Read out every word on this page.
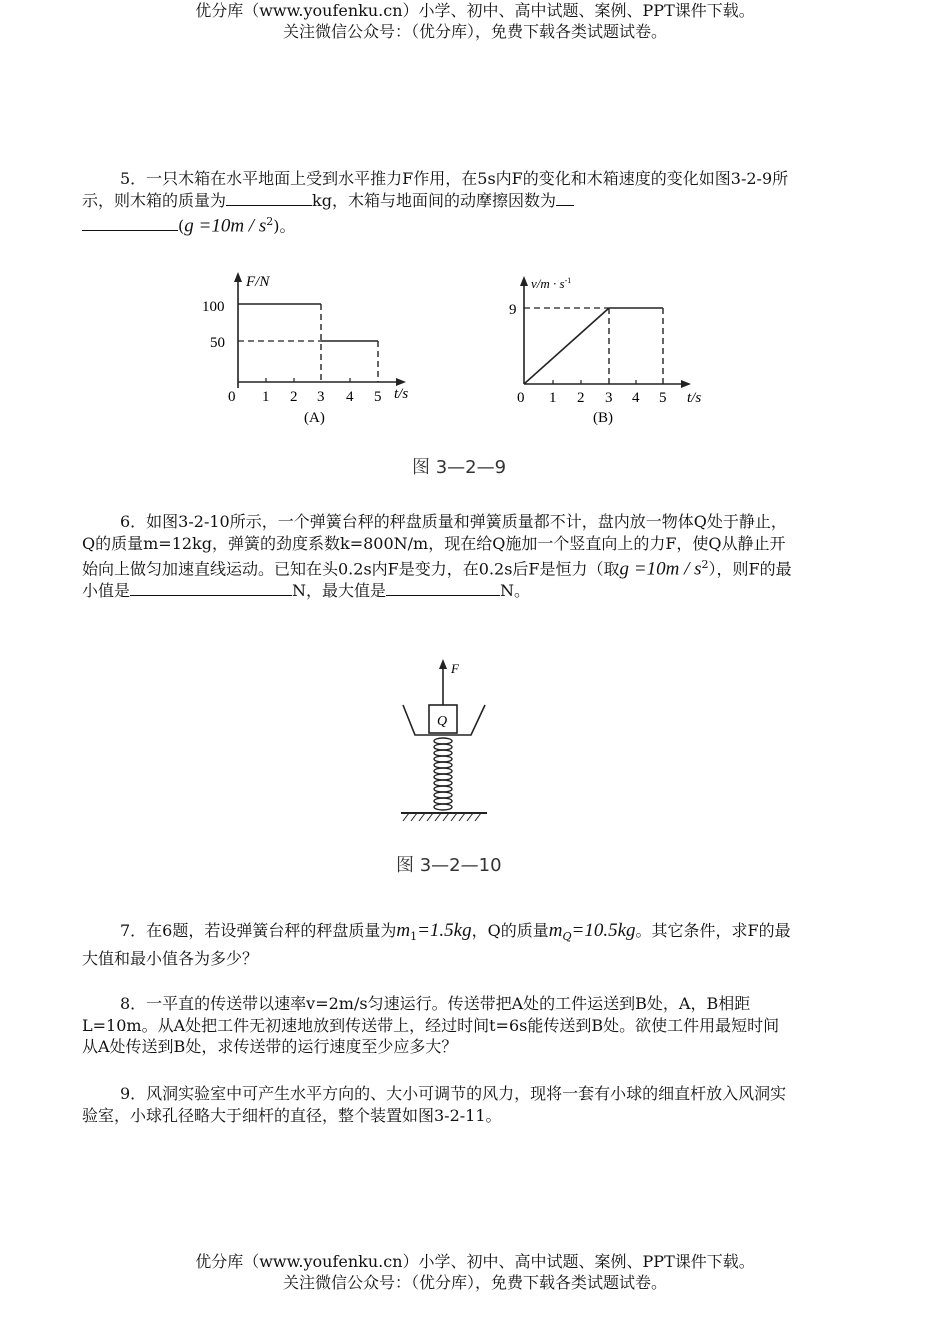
优分库（www.youfenku.cn）小学、初中、高中试题、案例、PPT课件下载。
关注微信公众号：（优分库），免费下载各类试题试卷。
5．一只木箱在水平地面上受到水平推力F作用，在5s内F的变化和木箱速度的变化如图3-2-9所示，则木箱的质量为	kg，木箱与地面间的动摩擦因数为
$(g =10m / s^2)$。
F/N
100
50
0 1 2 3 4 5 t/s
(A)
$v/m \cdot s^{-1}$
9
0 1 2 3 4 5 t/s
(B)
图 3—2—9
6．如图3-2-10所示，一个弹簧台秤的秤盘质量和弹簧质量都不计，盘内放一物体Q处于静止，Q的质量m=12kg，弹簧的劲度系数k=800N/m，现在给Q施加一个竖直向上的力F，使Q从静止开始向上做匀加速直线运动。已知在头0.2s内F是变力，在0.2s后F是恒力（取$g =10m / s^2$），则F的最小值是	N，最大值是	N。
F
Q
图 3—2—10
7．在6题，若设弹簧台秤的秤盘质量为$m_1=1.5kg$，Q的质量$m_Q=10.5kg$。其它条件，求F的最大值和最小值各为多少？
8．一平直的传送带以速率v=2m/s匀速运行。传送带把A处的工件运送到B处，A，B相距L=10m。从A处把工件无初速地放到传送带上，经过时间t=6s能传送到B处。欲使工件用最短时间从A处传送到B处，求传送带的运行速度至少应多大？
9．风洞实验室中可产生水平方向的、大小可调节的风力，现将一套有小球的细直杆放入风洞实验室，小球孔径略大于细杆的直径，整个装置如图3-2-11。
优分库（www.youfenku.cn）小学、初中、高中试题、案例、PPT课件下载。
关注微信公众号：（优分库），免费下载各类试题试卷。
